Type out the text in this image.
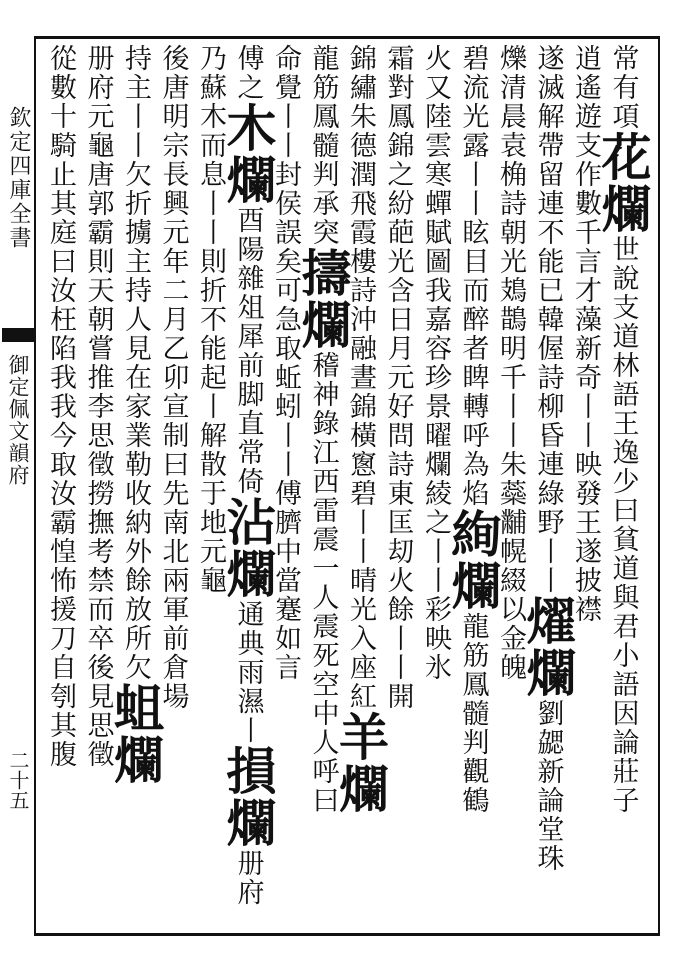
欽定四庫全書
御定佩文韻府
二十五
常有項花爛世說支道林語王逸少曰貧道與君小語因論莊子
逍遙遊支作數千言才藻新奇丨丨映發王遂披襟
遂滅解帶留連不能已韓偓詩柳昏連綠野丨丨燿爛劉勰新論堂珠
爍清晨袁桷詩朝光鳷鵲明千丨丨朱蘂黼幌綴以金魄
碧流光露丨丨眩目而醉者睥轉呼為焰絢爛龍筋鳳髓判觀鶴
火又陸雲寒蟬賦圖我嘉容珍景曜爛綾之丨丨彩映氷
霜對鳳錦之紛葩光含日月元好問詩東匡刧火餘丨丨開
錦繡朱德潤飛霞樓詩沖融晝錦橫窻碧丨丨晴光入座紅羊爛
龍筋鳳髓判承突擣爛稽神錄江西雷震一人震死空中人呼曰
命覺丨丨封侯誤矣可急取蚯蚓丨丨傅臍中當蹇如言
傅之木爛酉陽雜俎犀前脚直常倚沾爛通典雨濕丨損爛册府
乃蘇木而息丨丨則折不能起丨解散于地元龜
後唐明宗長興元年二月乙卯宣制曰先南北兩軍前倉場
持主丨丨欠折擄主持人見在家業勒收納外餘放所欠蛆爛
册府元龜唐郭霸則天朝嘗推李思徵撈撫考禁而卒後見思徵
從數十騎止其庭曰汝枉陷我我今取汝霸惶怖援刀自刳其腹
